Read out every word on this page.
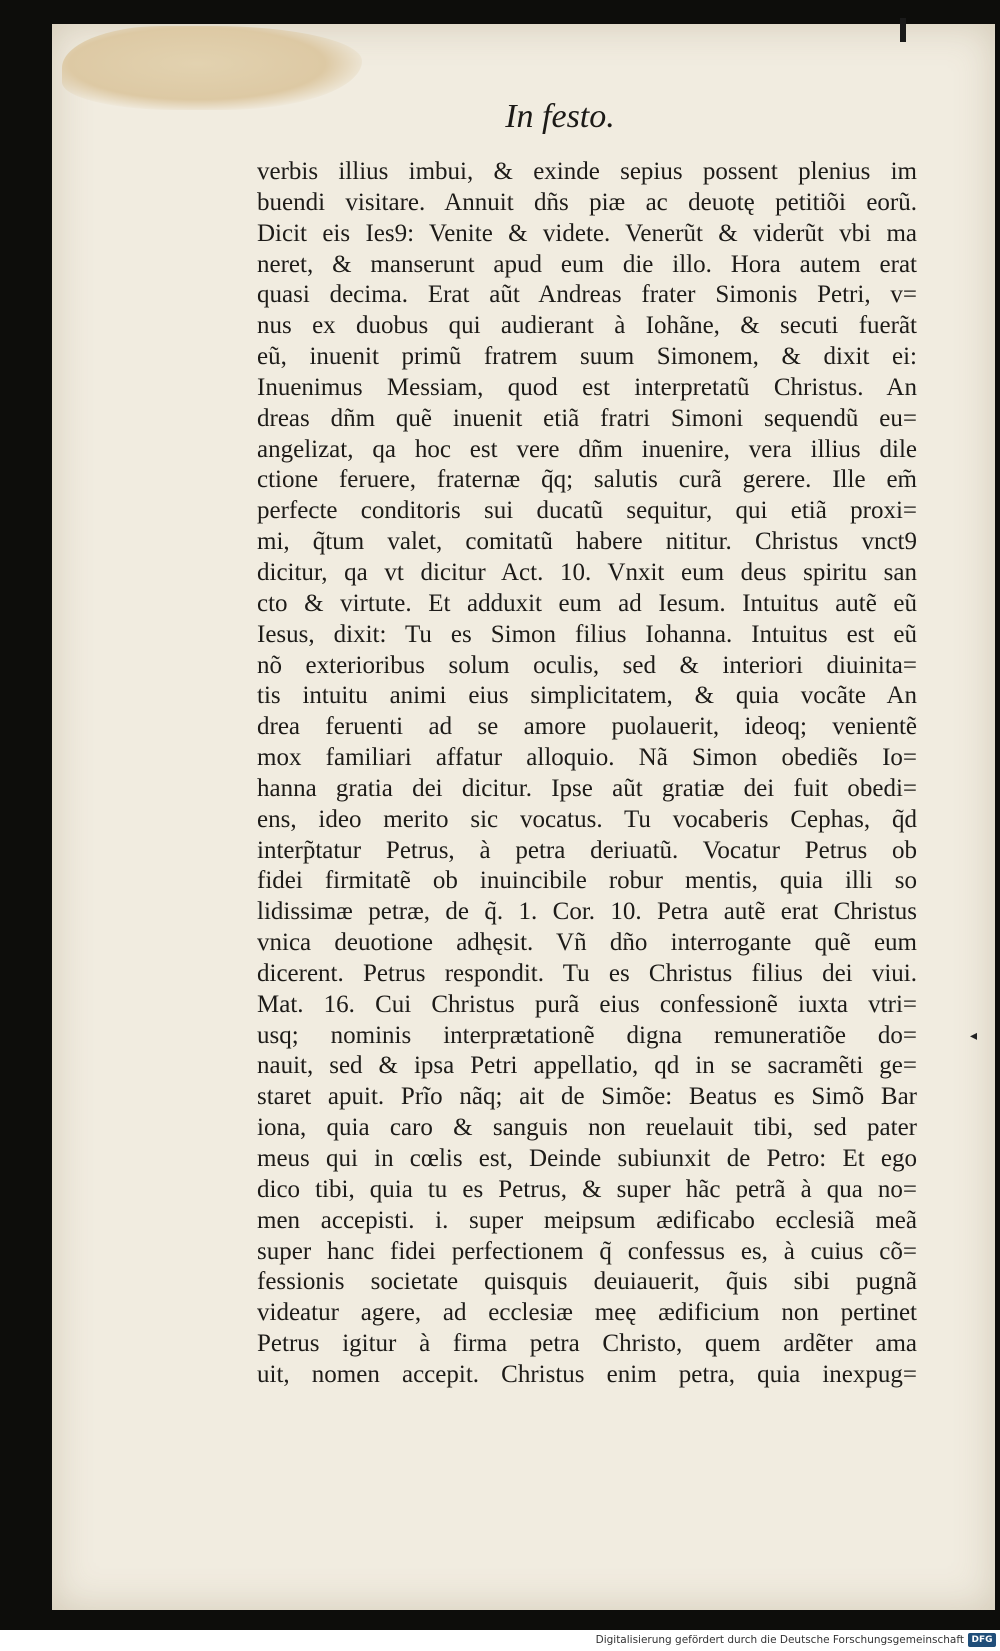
In festo.
verbis illius imbui, & exinde sepius possent plenius im
buendi visitare. Annuit dñs piæ ac deuotę petitiõi eorũ.
Dicit eis Ies9: Venite & videte. Venerũt & viderũt vbi ma
neret, & manserunt apud eum die illo. Hora autem erat
quasi decima. Erat aũt Andreas frater Simonis Petri, v=
nus ex duobus qui audierant à Iohãne, & secuti fuerãt
eũ, inuenit primũ fratrem suum Simonem, & dixit ei:
Inuenimus Messiam, quod est interpretatũ Christus. An
dreas dñm quẽ inuenit etiã fratri Simoni sequendũ eu=
angelizat, qa hoc est vere dñm inuenire, vera illius dile
ctione feruere, fraternæ q̃q; salutis curã gerere. Ille em̃
perfecte conditoris sui ducatũ sequitur, qui etiã proxi=
mi, q̃tum valet, comitatũ habere nititur. Christus vnct9
dicitur, qa vt dicitur Act. 10. Vnxit eum deus spiritu san
cto & virtute. Et adduxit eum ad Iesum. Intuitus autẽ eũ
Iesus, dixit: Tu es Simon filius Iohanna. Intuitus est eũ
nõ exterioribus solum oculis, sed & interiori diuinita=
tis intuitu animi eius simplicitatem, & quia vocãte An
drea feruenti ad se amore puolauerit, ideoq; venientẽ
mox familiari affatur alloquio. Nã Simon obediẽs Io=
hanna gratia dei dicitur. Ipse aũt gratiæ dei fuit obedi=
ens, ideo merito sic vocatus. Tu vocaberis Cephas, q̃d
interp̃tatur Petrus, à petra deriuatũ. Vocatur Petrus ob
fidei firmitatẽ ob inuincibile robur mentis, quia illi so
lidissimæ petræ, de q̃. 1. Cor. 10. Petra autẽ erat Christus
vnica deuotione adhęsit. Vñ dño interrogante quẽ eum
dicerent. Petrus respondit. Tu es Christus filius dei viui.
Mat. 16. Cui Christus purã eius confessionẽ iuxta vtri=
usq; nominis interprætationẽ digna remuneratiõe do=
nauit, sed & ipsa Petri appellatio, qd in se sacramẽti ge=
staret apuit. Prĩo nãq; ait de Simõe: Beatus es Simõ Bar
iona, quia caro & sanguis non reuelauit tibi, sed pater
meus qui in cœlis est, Deinde subiunxit de Petro: Et ego
dico tibi, quia tu es Petrus, & super hãc petrã à qua no=
men accepisti. i. super meipsum ædificabo ecclesiã meã
super hanc fidei perfectionem q̃ confessus es, à cuius cõ=
fessionis societate quisquis deuiauerit, q̃uis sibi pugnã
videatur agere, ad ecclesiæ meę ædificium non pertinet
Petrus igitur à firma petra Christo, quem ardẽter ama
uit, nomen accepit. Christus enim petra, quia inexpug=
◂
Digitalisierung gefördert durch die Deutsche Forschungsgemeinschaft DFG
